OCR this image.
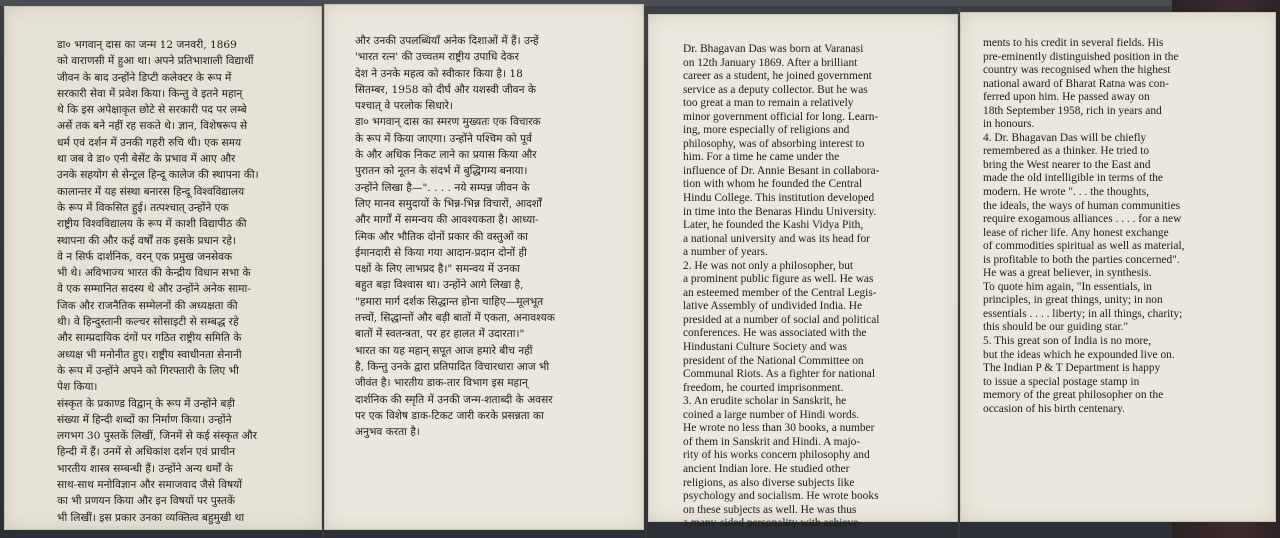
डा० भगवान् दास का जन्म 12 जनवरी, 1869
को वाराणसी में हुआ था। अपने प्रतिभाशाली विद्यार्थी
जीवन के बाद उन्होंने डिप्टी कलेक्टर के रूप में
सरकारी सेवा में प्रवेश किया। किन्तु वे इतने महान्
थे कि इस अपेक्षाकृत छोटे से सरकारी पद पर लम्बे
अर्से तक बने नहीं रह सकते थे। ज्ञान, विशेषरूप से
धर्म एवं दर्शन में उनकी गहरी रुचि थी। एक समय
था जब वे डा० एनी बेसेंट के प्रभाव में आए और
उनके सहयोग से सेन्ट्रल हिन्दू कालेज की स्थापना की।
कालान्तर में यह संस्था बनारस हिन्दू विश्वविद्यालय
के रूप में विकसित हुई। तत्पश्चात् उन्होंने एक
राष्ट्रीय विश्वविद्यालय के रूप में काशी विद्यापीठ की
स्थापना की और कई वर्षों तक इसके प्रधान रहे।
वे न सिर्फ दार्शनिक, वरन् एक प्रमुख जनसेवक
भी थे। अविभाज्य भारत की केन्द्रीय विधान सभा के
वे एक सम्मानित सदस्य थे और उन्होंने अनेक सामा-
जिक और राजनैतिक सम्मेलनों की अध्यक्षता की
थी। वे हिन्दुस्तानी कल्चर सोसाइटी से सम्बद्ध रहे
और साम्प्रदायिक दंगों पर गठित राष्ट्रीय समिति के
अध्यक्ष भी मनोनीत हुए। राष्ट्रीय स्वाधीनता सेनानी
के रूप में उन्होंने अपने को गिरफ्तारी के लिए भी
पेश किया।
संस्कृत के प्रकाण्ड विद्वान् के रूप में उन्होंने बड़ी
संख्या में हिन्दी शब्दों का निर्माण किया। उन्होंने
लगभग 30 पुस्तकें लिखीं, जिनमें से कई संस्कृत और
हिन्दी में हैं। उनमें से अधिकांश दर्शन एवं प्राचीन
भारतीय शास्त्र सम्बन्धी हैं। उन्होंने अन्य धर्मों के
साथ-साथ मनोविज्ञान और समाजवाद जैसे विषयों
का भी प्रणयन किया और इन विषयों पर पुस्तकें
भी लिखीं। इस प्रकार उनका व्यक्तित्व बहुमुखी था
और उनकी उपलब्धियाँ अनेक दिशाओं में हैं। उन्हें
'भारत रत्न' की उच्चतम राष्ट्रीय उपाधि देकर
देश ने उनके महत्व को स्वीकार किया है। 18
सितम्बर, 1958 को दीर्घ और यशस्वी जीवन के
पश्चात् वे परलोक सिधारे।
डा० भगवान् दास का स्मरण मुख्यतः एक विचारक
के रूप में किया जाएगा। उन्होंने पश्चिम को पूर्व
के और अधिक निकट लाने का प्रयास किया और
पुरातन को नूतन के संदर्भ में बुद्धिगम्य बनाया।
उन्होंने लिखा है—". . . . नये सम्पन्न जीवन के
लिए मानव समुदायों के भिन्न-भिन्न विचारों, आदर्शों
और मार्गों में समन्वय की आवश्यकता है। आध्या-
त्मिक और भौतिक दोनों प्रकार की वस्तुओं का
ईमानदारी से किया गया आदान-प्रदान दोनों ही
पक्षों के लिए लाभप्रद है।" समन्वय में उनका
बहुत बड़ा विश्वास था। उन्होंने आगे लिखा है,
"हमारा मार्ग दर्शक सिद्धान्त होना चाहिए—मूलभूत
तत्त्वों, सिद्धान्तों और बड़ी बातों में एकता, अनावश्यक
बातों में स्वतन्त्रता, पर हर हालत में उदारता।"
भारत का यह महान् सपूत आज हमारे बीच नहीं
है, किन्तु उनके द्वारा प्रतिपादित विचारधारा आज भी
जीवंत है। भारतीय डाक-तार विभाग इस महान्
दार्शनिक की स्मृति में उनकी जन्म-शताब्दी के अवसर
पर एक विशेष डाक-टिकट जारी करके प्रसन्नता का
अनुभव करता है।
Dr. Bhagavan Das was born at Varanasi
on 12th January 1869. After a brilliant
career as a student, he joined government
service as a deputy collector. But he was
too great a man to remain a relatively
minor government official for long. Learn-
ing, more especially of religions and
philosophy, was of absorbing interest to
him. For a time he came under the
influence of Dr. Annie Besant in collabora-
tion with whom he founded the Central
Hindu College. This institution developed
in time into the Benaras Hindu University.
Later, he founded the Kashi Vidya Pith,
a national university and was its head for
a number of years.
2. He was not only a philosopher, but
a prominent public figure as well. He was
an esteemed member of the Central Legis-
lative Assembly of undivided India. He
presided at a number of social and political
conferences. He was associated with the
Hindustani Culture Society and was
president of the National Committee on
Communal Riots. As a fighter for national
freedom, he courted imprisonment.
3. An erudite scholar in Sanskrit, he
coined a large number of Hindi words.
He wrote no less than 30 books, a number
of them in Sanskrit and Hindi. A majo-
rity of his works concern philosophy and
ancient Indian lore. He studied other
religions, as also diverse subjects like
psychology and socialism. He wrote books
on these subjects as well. He was thus
a many-sided personality with achieve-
ments to his credit in several fields. His
pre-eminently distinguished position in the
country was recognised when the highest
national award of Bharat Ratna was con-
ferred upon him. He passed away on
18th September 1958, rich in years and
in honours.
4. Dr. Bhagavan Das will be chiefly
remembered as a thinker. He tried to
bring the West nearer to the East and
made the old intelligible in terms of the
modern. He wrote ". . . the thoughts,
the ideals, the ways of human communities
require exogamous alliances . . . . for a new
lease of richer life. Any honest exchange
of commodities spiritual as well as material,
is profitable to both the parties concerned".
He was a great believer, in synthesis.
To quote him again, "In essentials, in
principles, in great things, unity; in non
essentials . . . . liberty; in all things, charity;
this should be our guiding star."
5. This great son of India is no more,
but the ideas which he expounded live on.
The Indian P & T Department is happy
to issue a special postage stamp in
memory of the great philosopher on the
occasion of his birth centenary.
